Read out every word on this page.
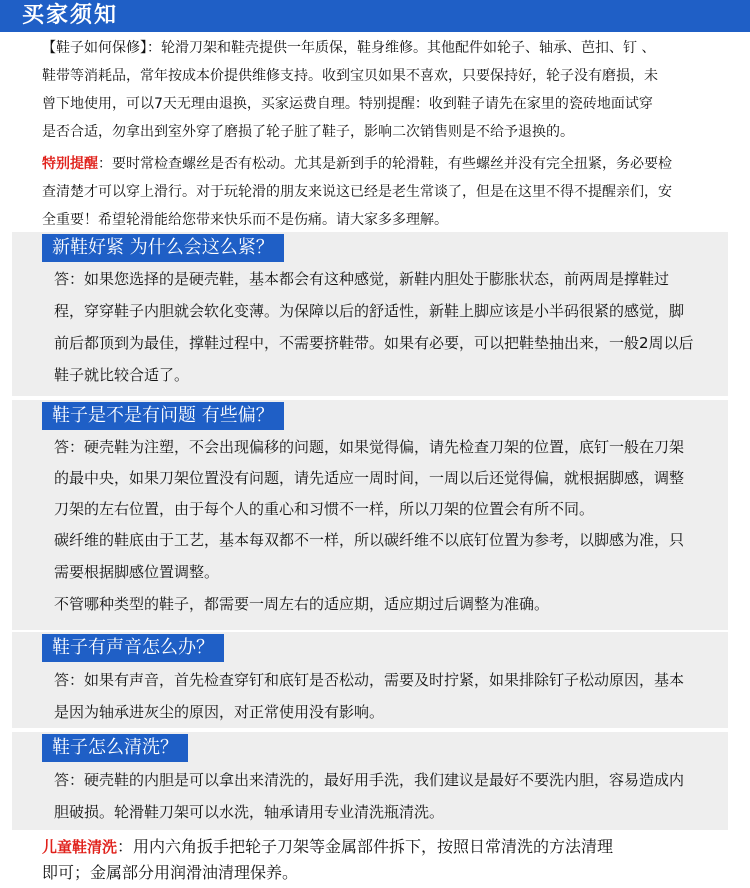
买家须知
【鞋子如何保修】：轮滑刀架和鞋壳提供一年质保，鞋身维修。其他配件如轮子、轴承、芭扣、钉 、
鞋带等消耗品，常年按成本价提供维修支持。收到宝贝如果不喜欢，只要保持好，轮子没有磨损，未
曾下地使用，可以7天无理由退换，买家运费自理。特别提醒：收到鞋子请先在家里的瓷砖地面试穿
是否合适，勿拿出到室外穿了磨损了轮子脏了鞋子，影响二次销售则是不给予退换的。
特别提醒：要时常检查螺丝是否有松动。尤其是新到手的轮滑鞋，有些螺丝并没有完全扭紧，务必要检
查清楚才可以穿上滑行。对于玩轮滑的朋友来说这已经是老生常谈了，但是在这里不得不提醒亲们，安
全重要！希望轮滑能给您带来快乐而不是伤痛。请大家多多理解。
新鞋好紧 为什么会这么紧？
答：如果您选择的是硬壳鞋，基本都会有这种感觉，新鞋内胆处于膨胀状态，前两周是撑鞋过
程，穿穿鞋子内胆就会软化变薄。为保障以后的舒适性，新鞋上脚应该是小半码很紧的感觉，脚
前后都顶到为最佳，撑鞋过程中，不需要挤鞋带。如果有必要，可以把鞋垫抽出来，一般2周以后
鞋子就比较合适了。
鞋子是不是有问题 有些偏？
答：硬壳鞋为注塑，不会出现偏移的问题，如果觉得偏，请先检查刀架的位置，底钉一般在刀架
的最中央，如果刀架位置没有问题，请先适应一周时间，一周以后还觉得偏，就根据脚感，调整
刀架的左右位置，由于每个人的重心和习惯不一样，所以刀架的位置会有所不同。
碳纤维的鞋底由于工艺，基本每双都不一样，所以碳纤维不以底钉位置为参考，以脚感为准，只
需要根据脚感位置调整。
不管哪种类型的鞋子，都需要一周左右的适应期，适应期过后调整为准确。
鞋子有声音怎么办？
答：如果有声音，首先检查穿钉和底钉是否松动，需要及时拧紧，如果排除钉子松动原因，基本
是因为轴承进灰尘的原因，对正常使用没有影响。
鞋子怎么清洗？
答：硬壳鞋的内胆是可以拿出来清洗的，最好用手洗，我们建议是最好不要洗内胆，容易造成内
胆破损。轮滑鞋刀架可以水洗，轴承请用专业清洗瓶清洗。
儿童鞋清洗：用内六角扳手把轮子刀架等金属部件拆下，按照日常清洗的方法清理
即可；金属部分用润滑油清理保养。
